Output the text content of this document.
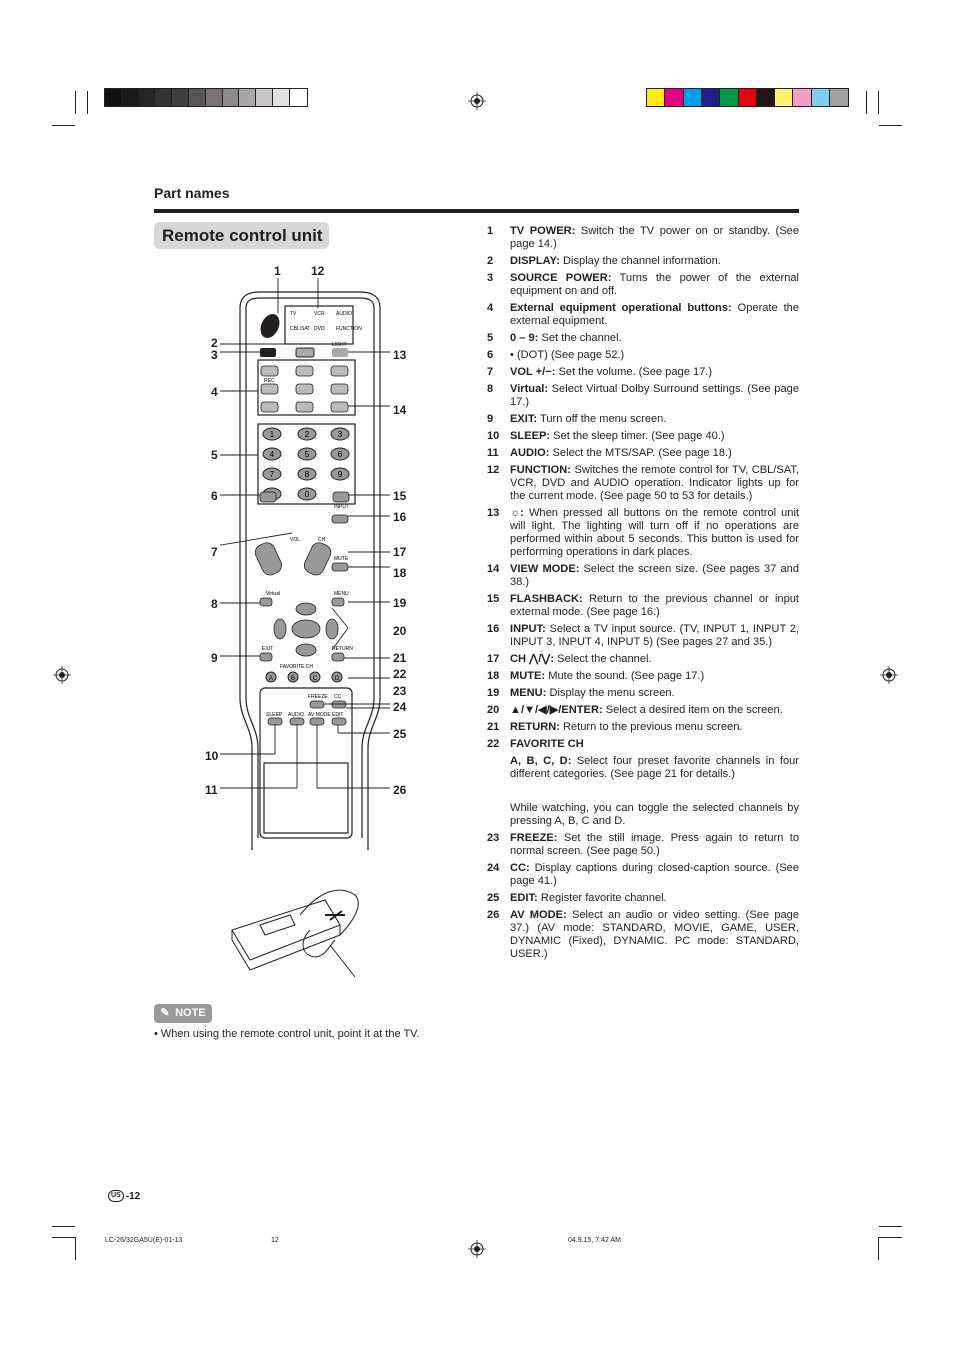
Part names
Remote control unit
1	2	3
4	5	6
7	8	9
0
A	B	C	D
TV	VCR AUDIO
CBL/SAT DVD FUNCTION
LIGHT
REC
INPUT
VOL	CH
MUTE
Virtual	MENU
EXIT	RETURN
FAVORITE CH
FREEZE CC
SLEEP AUDIO AV MODE EDIT
1	12
2
3	13
4
14
5
6	15
16
7	17
18
8	19
20
9	21
22
23
24
25
10
11	26
1	TV POWER: Switch the TV power on or standby. (See page 14.)
2	DISPLAY: Display the channel information.
3	SOURCE POWER: Turns the power of the external equipment on and off.
4	External equipment operational buttons: Operate the external equipment.
5	0 – 9: Set the channel.
6	• (DOT) (See page 52.)
7	VOL +/−: Set the volume. (See page 17.)
8	Virtual: Select Virtual Dolby Surround settings. (See page 17.)
9	EXIT: Turn off the menu screen.
10 SLEEP: Set the sleep timer. (See page 40.)
11	AUDIO: Select the MTS/SAP. (See page 18.)
12 FUNCTION: Switches the remote control for TV, CBL/SAT, VCR, DVD and AUDIO operation. Indicator lights up for the current mode. (See page 50 to 53 for details.)
13 ☼: When pressed all buttons on the remote control unit will light. The lighting will turn off if no operations are performed within about 5 seconds. This button is used for performing operations in dark places.
14 VIEW MODE: Select the screen size. (See pages 37 and 38.)
15 FLASHBACK: Return to the previous channel or input external mode. (See page 16.)
16 INPUT: Select a TV input source. (TV, INPUT 1, INPUT 2, INPUT 3, INPUT 4, INPUT 5) (See pages 27 and 35.)
17 CH ⋀/⋁: Select the channel.
18 MUTE: Mute the sound. (See page 17.)
19 MENU: Display the menu screen.
20 ▲/▼/◀/▶/ENTER: Select a desired item on the screen.
21 RETURN: Return to the previous menu screen.
22 FAVORITE CH
A, B, C, D: Select four preset favorite channels in four different categories. (See page 21 for details.)

While watching, you can toggle the selected channels by pressing A, B, C and D.
23 FREEZE: Set the still image. Press again to return to normal screen. (See page 50.)
24 CC: Display captions during closed-caption source. (See page 41.)
25 EDIT: Register favorite channel.
26 AV MODE: Select an audio or video setting. (See page 37.) (AV mode: STANDARD, MOVIE, GAME, USER, DYNAMIC (Fixed), DYNAMIC. PC mode: STANDARD, USER.)
✎ NOTE

• When using the remote control unit, point it at the TV.

US -12
LC-26/32GA5U(E)-01-13	12	04.9.15, 7:42 AM
